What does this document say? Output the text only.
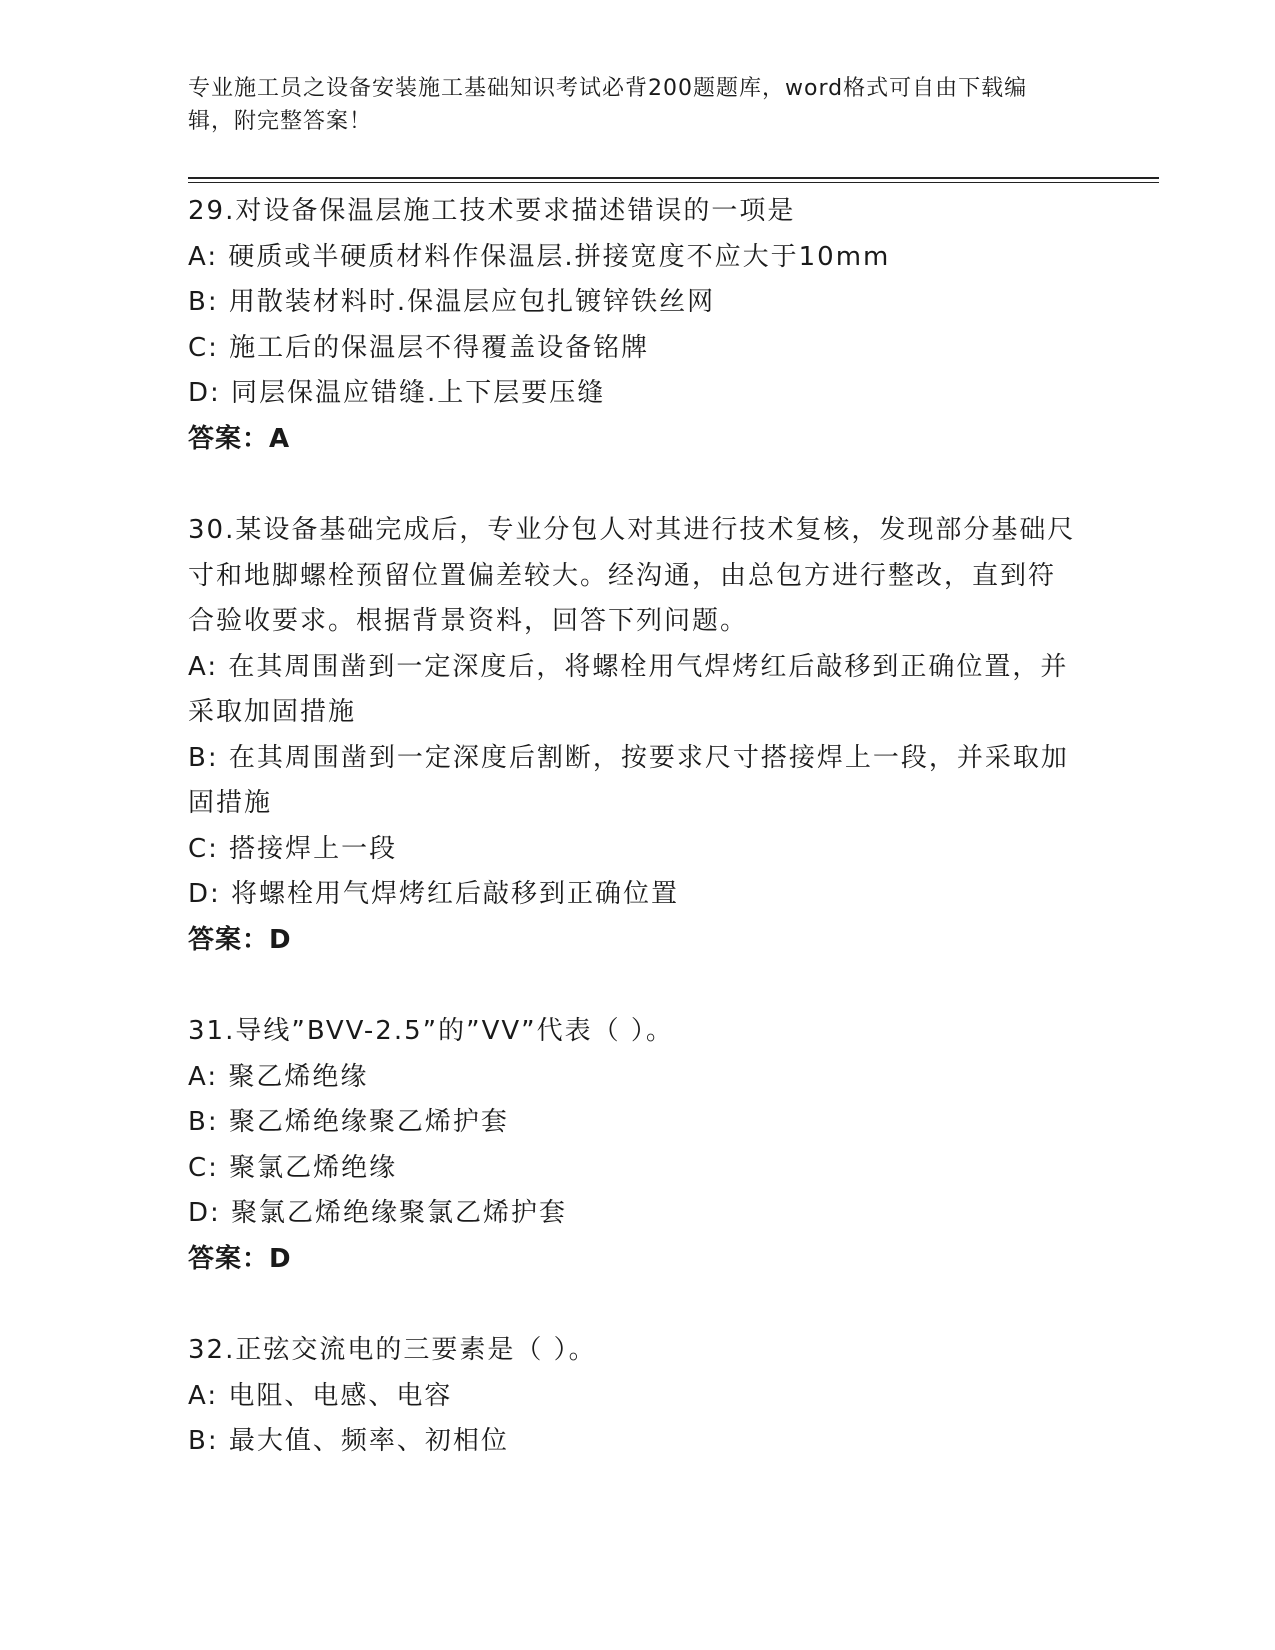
专业施工员之设备安装施工基础知识考试必背200题题库，word格式可自由下载编辑，附完整答案！
29.对设备保温层施工技术要求描述错误的一项是
A: 硬质或半硬质材料作保温层.拼接宽度不应大于10mm
B: 用散装材料时.保温层应包扎镀锌铁丝网
C: 施工后的保温层不得覆盖设备铭牌
D: 同层保温应错缝.上下层要压缝
答案：A
30.某设备基础完成后，专业分包人对其进行技术复核，发现部分基础尺寸和地脚螺栓预留位置偏差较大。经沟通，由总包方进行整改，直到符合验收要求。根据背景资料，回答下列问题。
A: 在其周围凿到一定深度后，将螺栓用气焊烤红后敲移到正确位置，并采取加固措施
B: 在其周围凿到一定深度后割断，按要求尺寸搭接焊上一段，并采取加固措施
C: 搭接焊上一段
D: 将螺栓用气焊烤红后敲移到正确位置
答案：D
31.导线”BVV-2.5”的”VV”代表（ ）。
A: 聚乙烯绝缘
B: 聚乙烯绝缘聚乙烯护套
C: 聚氯乙烯绝缘
D: 聚氯乙烯绝缘聚氯乙烯护套
答案：D
32.正弦交流电的三要素是（ ）。
A: 电阻、电感、电容
B: 最大值、频率、初相位
